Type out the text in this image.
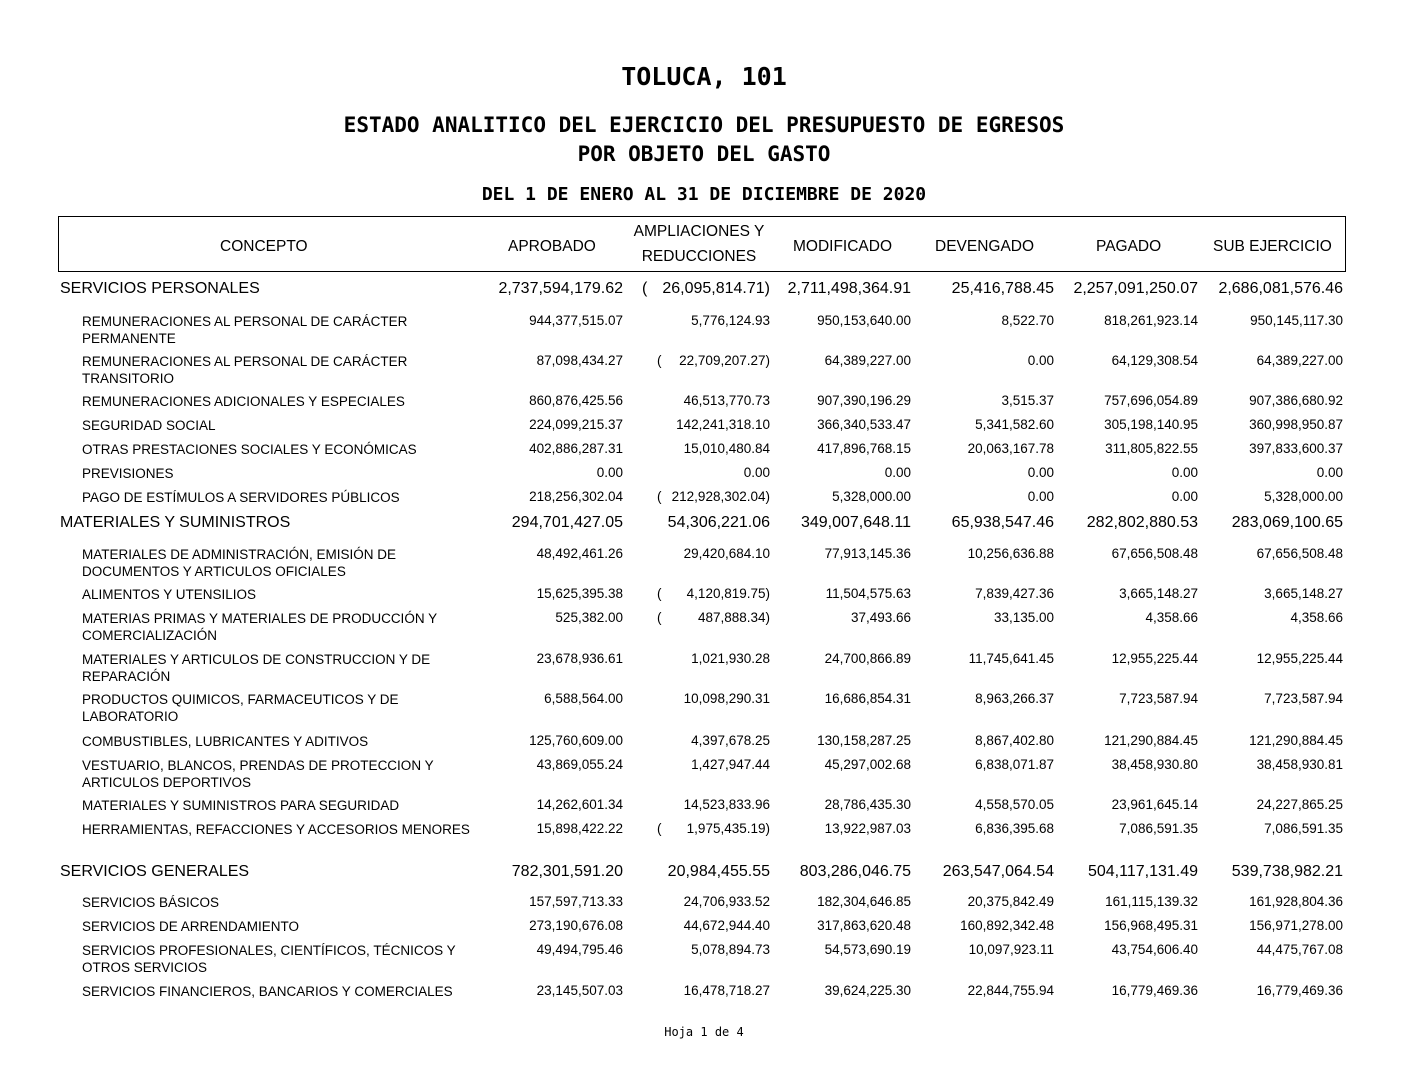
TOLUCA, 101
ESTADO ANALITICO DEL EJERCICIO DEL PRESUPUESTO DE EGRESOS
POR OBJETO DEL GASTO
DEL 1 DE ENERO AL 31 DE DICIEMBRE DE 2020
CONCEPTO	APROBADO
AMPLIACIONES Y
REDUCCIONES
MODIFICADO	DEVENGADO	PAGADO	SUB EJERCICIO
SERVICIOS PERSONALES	2,737,594,179.62 26,095,814.71) 2,711,498,364.91	25,416,788.45 2,257,091,250.07 2,686,081,576.46
(
REMUNERACIONES AL PERSONAL DE CARÁCTER PERMANENTE
944,377,515.07	5,776,124.93	950,153,640.00	8,522.70	818,261,923.14	950,145,117.30
REMUNERACIONES AL PERSONAL DE CARÁCTER TRANSITORIO
87,098,434.27	22,709,207.27)	64,389,227.00	0.00	64,129,308.54	64,389,227.00
(
REMUNERACIONES ADICIONALES Y ESPECIALES	860,876,425.56	46,513,770.73	907,390,196.29	3,515.37	757,696,054.89	907,386,680.92
SEGURIDAD SOCIAL	224,099,215.37	142,241,318.10	366,340,533.47	5,341,582.60	305,198,140.95	360,998,950.87
OTRAS PRESTACIONES SOCIALES Y ECONÓMICAS	402,886,287.31	15,010,480.84	417,896,768.15	20,063,167.78	311,805,822.55	397,833,600.37
PREVISIONES	0.00	0.00	0.00	0.00	0.00	0.00
PAGO DE ESTÍMULOS A SERVIDORES PÚBLICOS	218,256,302.04	212,928,302.04)	5,328,000.00	0.00	0.00	5,328,000.00
(
MATERIALES Y SUMINISTROS	294,701,427.05	54,306,221.06 349,007,648.11	65,938,547.46 282,802,880.53 283,069,100.65
MATERIALES DE ADMINISTRACIÓN, EMISIÓN DE DOCUMENTOS Y ARTICULOS OFICIALES
48,492,461.26	29,420,684.10	77,913,145.36	10,256,636.88	67,656,508.48	67,656,508.48
ALIMENTOS Y UTENSILIOS	15,625,395.38	4,120,819.75)	11,504,575.63	7,839,427.36	3,665,148.27	3,665,148.27
(
MATERIAS PRIMAS Y MATERIALES DE PRODUCCIÓN Y COMERCIALIZACIÓN
525,382.00	487,888.34)	37,493.66	33,135.00	4,358.66	4,358.66
(
MATERIALES Y ARTICULOS DE CONSTRUCCION Y DE REPARACIÓN
23,678,936.61	1,021,930.28	24,700,866.89	11,745,641.45	12,955,225.44	12,955,225.44
PRODUCTOS QUIMICOS, FARMACEUTICOS Y DE LABORATORIO
6,588,564.00	10,098,290.31	16,686,854.31	8,963,266.37	7,723,587.94	7,723,587.94
COMBUSTIBLES, LUBRICANTES Y ADITIVOS	125,760,609.00	4,397,678.25	130,158,287.25	8,867,402.80	121,290,884.45	121,290,884.45
VESTUARIO, BLANCOS, PRENDAS DE PROTECCION Y ARTICULOS DEPORTIVOS
43,869,055.24	1,427,947.44	45,297,002.68	6,838,071.87	38,458,930.80	38,458,930.81
MATERIALES Y SUMINISTROS PARA SEGURIDAD	14,262,601.34	14,523,833.96	28,786,435.30	4,558,570.05	23,961,645.14	24,227,865.25
HERRAMIENTAS, REFACCIONES Y ACCESORIOS MENORES	15,898,422.22	1,975,435.19)	13,922,987.03	6,836,395.68	7,086,591.35	7,086,591.35
(
SERVICIOS GENERALES	782,301,591.20	20,984,455.55 803,286,046.75 263,547,064.54 504,117,131.49 539,738,982.21
SERVICIOS BÁSICOS	157,597,713.33	24,706,933.52	182,304,646.85	20,375,842.49	161,115,139.32	161,928,804.36
SERVICIOS DE ARRENDAMIENTO	273,190,676.08	44,672,944.40	317,863,620.48	160,892,342.48	156,968,495.31	156,971,278.00
SERVICIOS PROFESIONALES, CIENTÍFICOS, TÉCNICOS Y OTROS SERVICIOS
49,494,795.46	5,078,894.73	54,573,690.19	10,097,923.11	43,754,606.40	44,475,767.08
SERVICIOS FINANCIEROS, BANCARIOS Y COMERCIALES	23,145,507.03	16,478,718.27	39,624,225.30	22,844,755.94	16,779,469.36	16,779,469.36
Hoja 1 de 4
